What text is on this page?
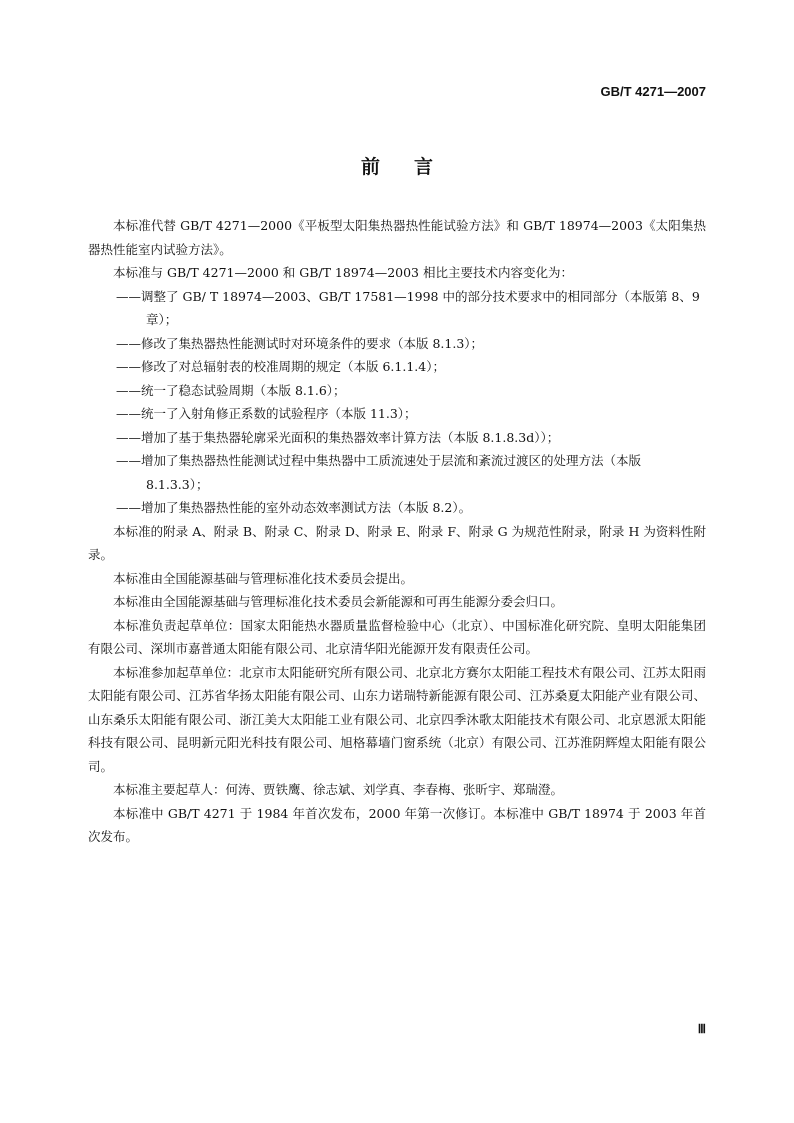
GB/T 4271—2007
前言

本标准代替 GB/T 4271—2000《平板型太阳集热器热性能试验方法》和 GB/T 18974—2003《太阳集热器热性能室内试验方法》。

本标准与 GB/T 4271—2000 和 GB/T 18974—2003 相比主要技术内容变化为：

——调整了 GB/ T 18974—2003、GB/T 17581—1998 中的部分技术要求中的相同部分（本版第 8、9 章）；

——修改了集热器热性能测试时对环境条件的要求（本版 8.1.3）；

——修改了对总辐射表的校准周期的规定（本版 6.1.1.4）；

——统一了稳态试验周期（本版 8.1.6）；

——统一了入射角修正系数的试验程序（本版 11.3）；

——增加了基于集热器轮廓采光面积的集热器效率计算方法（本版 8.1.8.3d））；

——增加了集热器热性能测试过程中集热器中工质流速处于层流和紊流过渡区的处理方法（本版 8.1.3.3）；

——增加了集热器热性能的室外动态效率测试方法（本版 8.2）。

本标准的附录 A、附录 B、附录 C、附录 D、附录 E、附录 F、附录 G 为规范性附录，附录 H 为资料性附录。

本标准由全国能源基础与管理标准化技术委员会提出。

本标准由全国能源基础与管理标准化技术委员会新能源和可再生能源分委会归口。

本标准负责起草单位：国家太阳能热水器质量监督检验中心（北京）、中国标准化研究院、皇明太阳能集团有限公司、深圳市嘉普通太阳能有限公司、北京清华阳光能源开发有限责任公司。

本标准参加起草单位：北京市太阳能研究所有限公司、北京北方赛尔太阳能工程技术有限公司、江苏太阳雨太阳能有限公司、江苏省华扬太阳能有限公司、山东力诺瑞特新能源有限公司、江苏桑夏太阳能产业有限公司、山东桑乐太阳能有限公司、浙江美大太阳能工业有限公司、北京四季沐歌太阳能技术有限公司、北京恩派太阳能科技有限公司、昆明新元阳光科技有限公司、旭格幕墙门窗系统（北京）有限公司、江苏淮阴辉煌太阳能有限公司。

本标准主要起草人：何涛、贾铁鹰、徐志斌、刘学真、李春梅、张昕宇、郑瑞澄。

本标准中 GB/T 4271 于 1984 年首次发布，2000 年第一次修订。本标准中 GB/T 18974 于 2003 年首次发布。

Ⅲ
